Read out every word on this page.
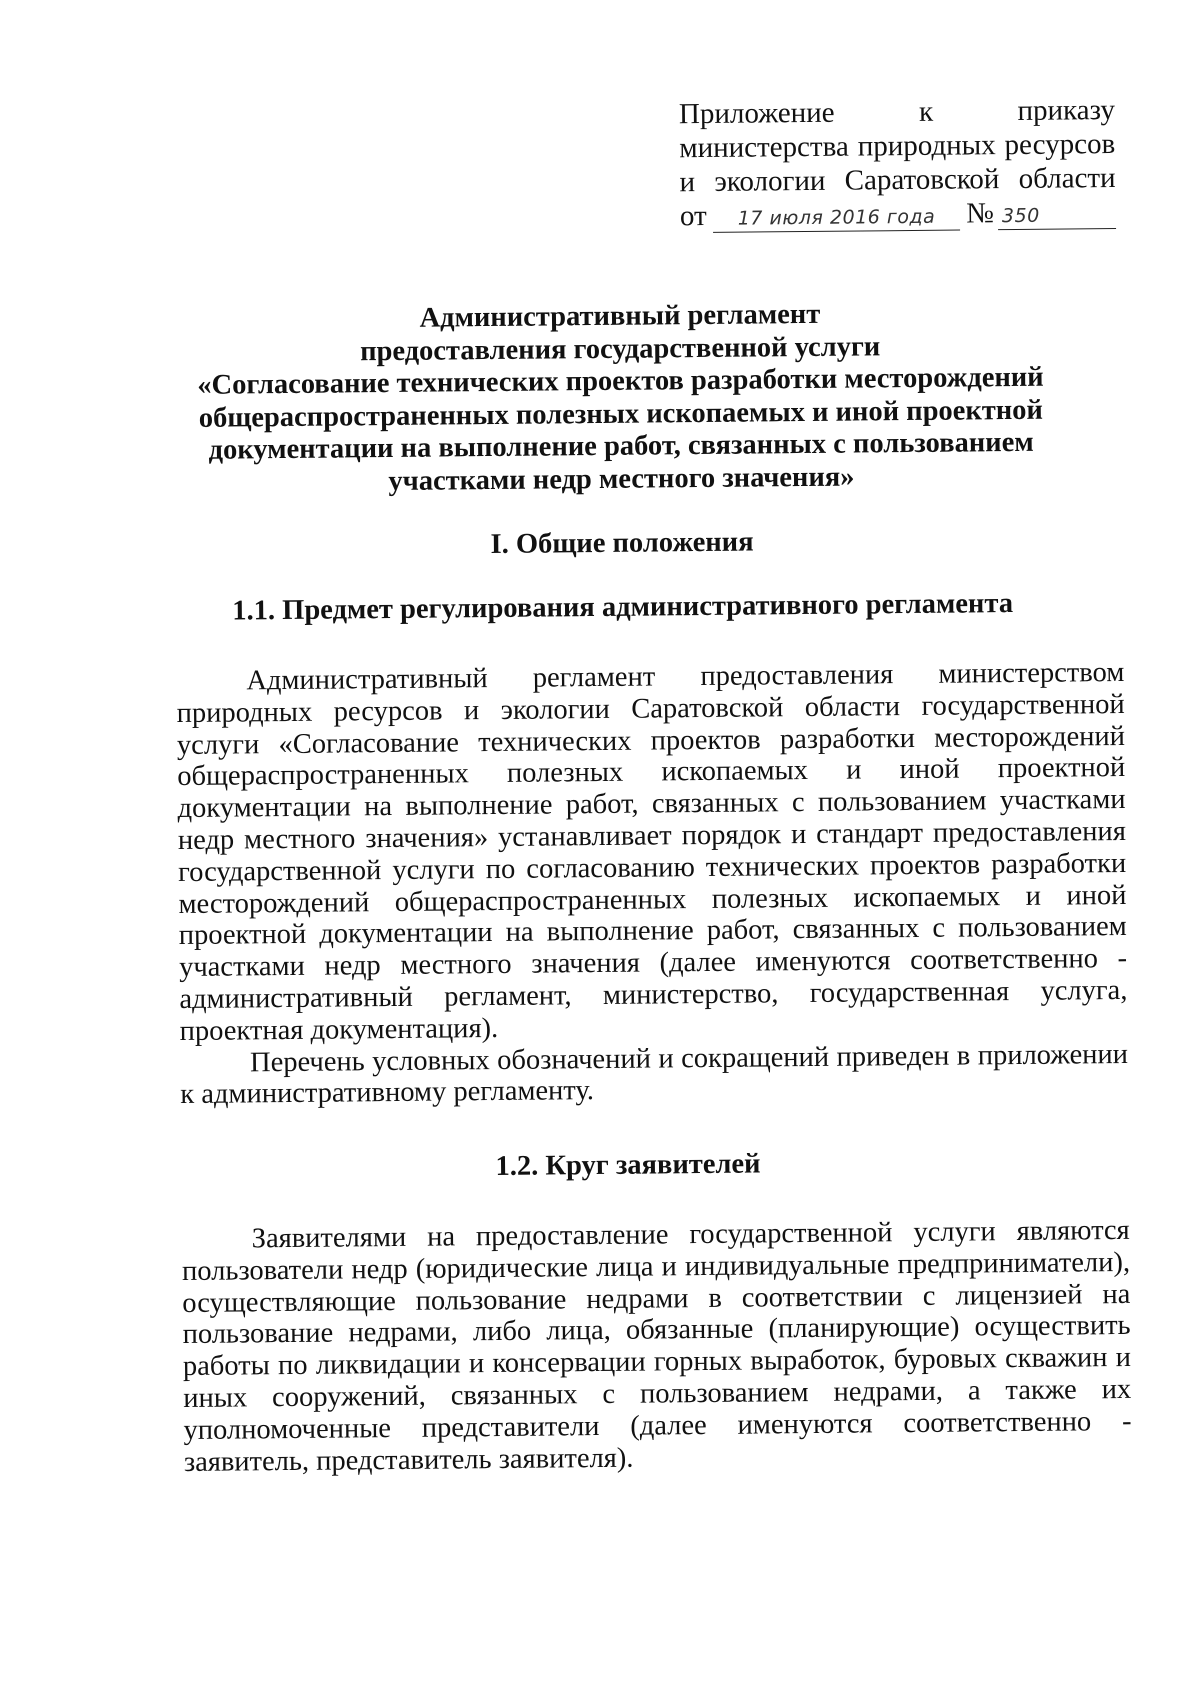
Приложение	к	приказу
министерства природных ресурсов
и экологии Саратовской области
от	17 июля 2016 года	№ 350
Административный регламент
предоставления государственной услуги
«Согласование технических проектов разработки месторождений
общераспространенных полезных ископаемых и иной проектной
документации на выполнение работ, связанных с пользованием
участками недр местного значения»
I. Общие положения
1.1. Предмет регулирования административного регламента

Административный регламент предоставления министерством природных ресурсов и экологии Саратовской области государственной услуги «Согласование технических проектов разработки месторождений общераспространенных полезных ископаемых и иной проектной документации на выполнение работ, связанных с пользованием участками недр местного значения» устанавливает порядок и стандарт предоставления государственной услуги по согласованию технических проектов разработки месторождений общераспространенных полезных ископаемых и иной проектной документации на выполнение работ, связанных с пользованием участками недр местного значения (далее именуются соответственно - административный регламент, министерство, государственная услуга, проектная документация).

Перечень условных обозначений и сокращений приведен в приложении к административному регламенту.

1.2. Круг заявителей

Заявителями на предоставление государственной услуги являются пользователи недр (юридические лица и индивидуальные предприниматели), осуществляющие пользование недрами в соответствии с лицензией на пользование недрами, либо лица, обязанные (планирующие) осуществить работы по ликвидации и консервации горных выработок, буровых скважин и иных сооружений, связанных с пользованием недрами, а также их уполномоченные представители (далее именуются соответственно - заявитель, представитель заявителя).
